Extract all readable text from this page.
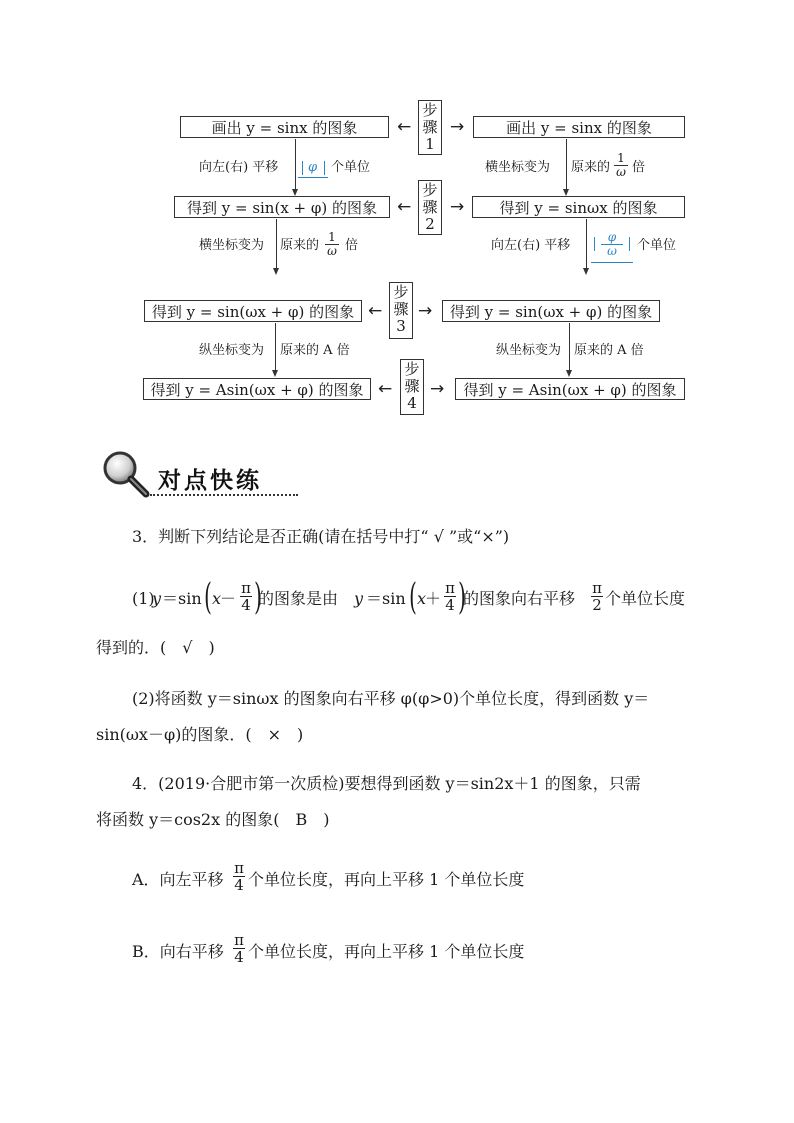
画出 y = sinx 的图象	←
步
骤
1
→	画出 y = sinx 的图象
向左(右) 平移 φ 个单位	横坐标变为 原来的 $\frac{1}{\omega}$ 倍
得到 y = sin(x + φ) 的图象	←
步
骤
2
→	得到 y = sinωx 的图象
横坐标变为 原来的 $\frac{1}{\omega}$ 倍	向左(右) 平移	$\frac{\varphi}{\omega}$ 个单位
得到 y = sin(ωx + φ) 的图象 ←
步
骤
3
→	得到 y = sin(ωx + φ) 的图象
纵坐标变为 原来的 A 倍	纵坐标变为 原来的 A 倍
得到 y = Asin(ωx + φ) 的图象 ←
步
骤
4
→	得到 y = Asin(ωx + φ) 的图象
对点快练
3．判断下列结论是否正确(请在括号中打“ √ ”或“×”)
(1)
y ＝sin ( x
－ $\frac{\pi}{4}$ )
的图象是由 y ＝sin ( x
＋ $\frac{\pi}{4}$ )
的图象向右平移 $\frac{\pi}{2}$ 个单位长度
得到的．(　√　)
(2)将函数 y＝sinωx 的图象向右平移 φ(φ>0)个单位长度，得到函数 y＝
sin(ωx－φ)的图象．(　×　)
4．(2019·合肥市第一次质检)要想得到函数 y＝sin2x＋1 的图象，只需
将函数 y＝cos2x 的图象(　B　)
A．向左平移 $\frac{\pi}{4}$ 个单位长度，再向上平移 1 个单位长度
B．向右平移 $\frac{\pi}{4}$ 个单位长度，再向上平移 1 个单位长度
